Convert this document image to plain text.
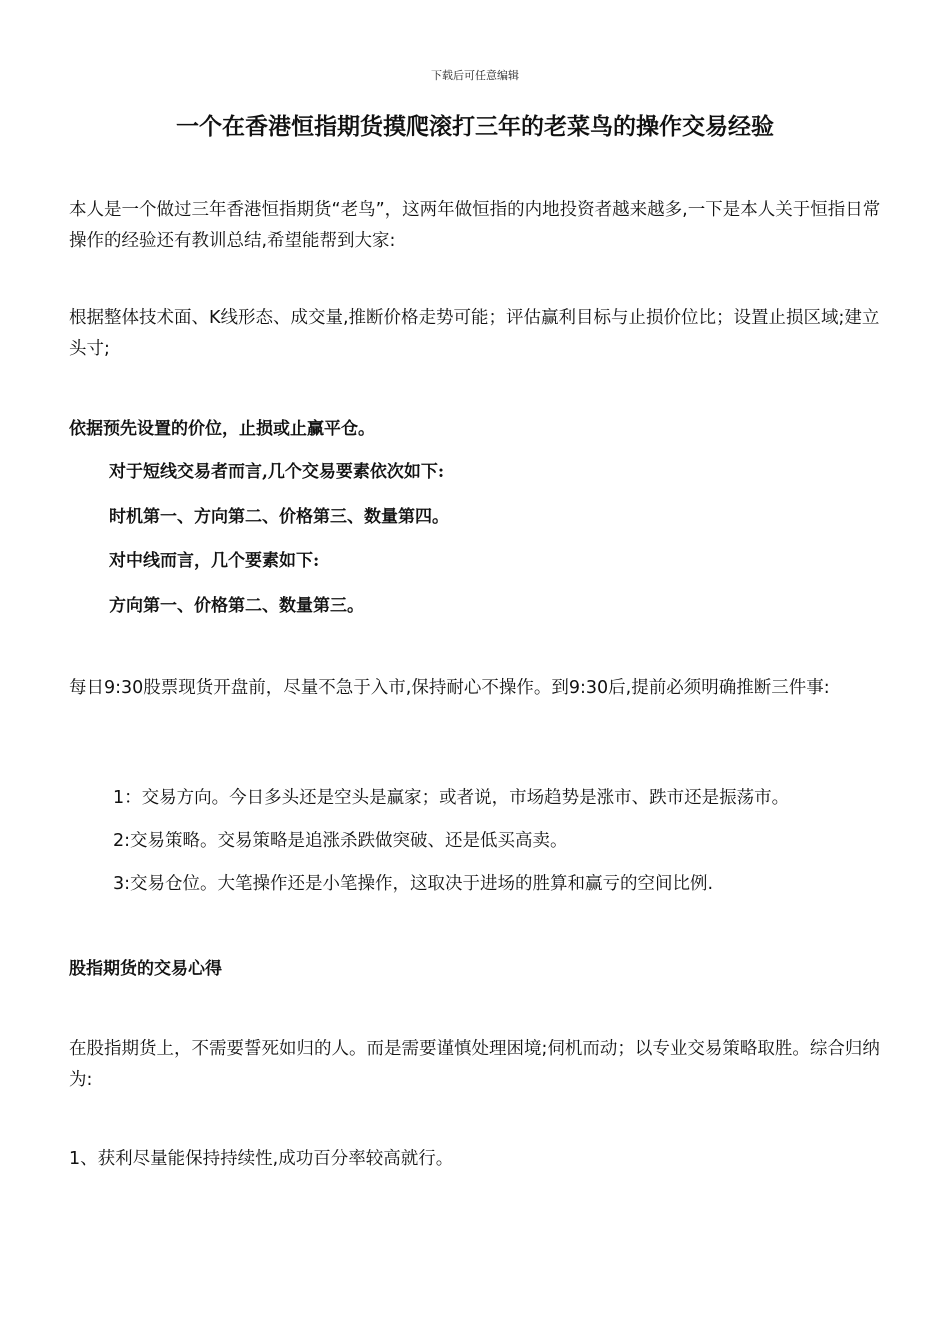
下载后可任意编辑
一个在香港恒指期货摸爬滚打三年的老菜鸟的操作交易经验
本人是一个做过三年香港恒指期货“老鸟”，这两年做恒指的内地投资者越来越多,一下是本人关于恒指日常操作的经验还有教训总结,希望能帮到大家:
根据整体技术面、K线形态、成交量,推断价格走势可能；评估赢利目标与止损价位比；设置止损区域;建立头寸;
依据预先设置的价位，止损或止赢平仓。
对于短线交易者而言,几个交易要素依次如下:
时机第一、方向第二、价格第三、数量第四。
对中线而言，几个要素如下:
方向第一、价格第二、数量第三。
每日9:30股票现货开盘前，尽量不急于入市,保持耐心不操作。到9:30后,提前必须明确推断三件事:
1：交易方向。今日多头还是空头是赢家；或者说，市场趋势是涨市、跌市还是振荡市。
2:交易策略。交易策略是追涨杀跌做突破、还是低买高卖。
3:交易仓位。大笔操作还是小笔操作，这取决于进场的胜算和赢亏的空间比例.
股指期货的交易心得
在股指期货上，不需要誓死如归的人。而是需要谨慎处理困境;伺机而动；以专业交易策略取胜。综合归纳为:
1、获利尽量能保持持续性,成功百分率较高就行。
